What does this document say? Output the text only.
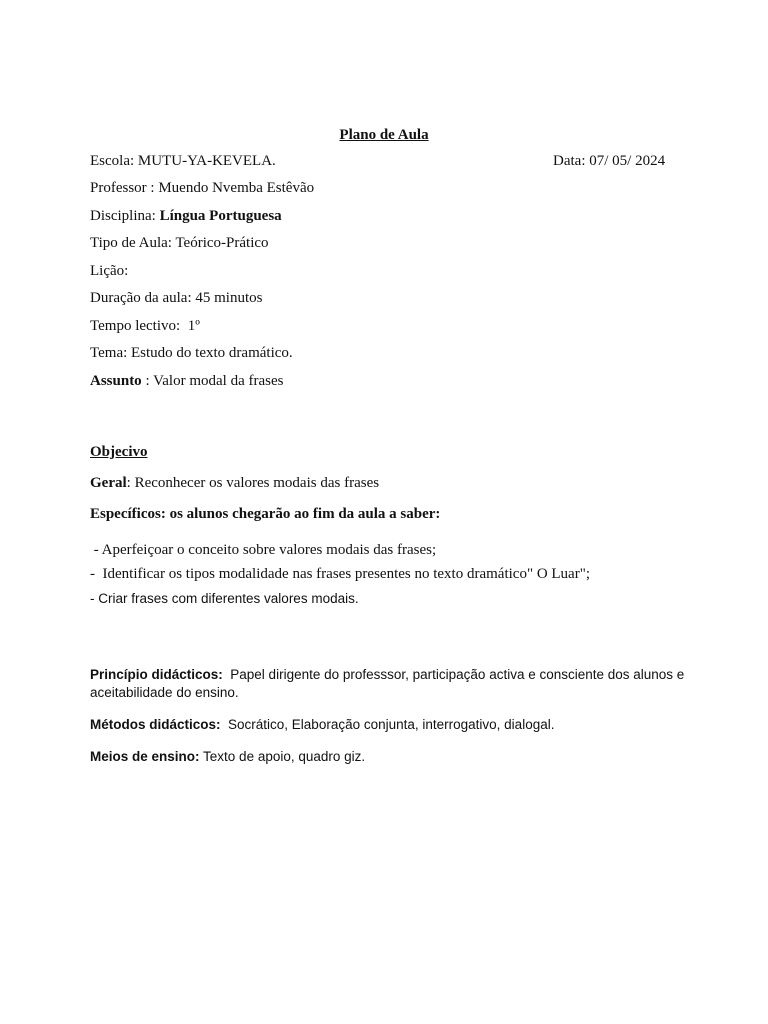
Plano de Aula
Escola: MUTU-YA-KEVELA.	Data: 07/ 05/ 2024
Professor : Muendo Nvemba Estêvão
Disciplina: Língua Portuguesa
Tipo de Aula: Teórico-Prático
Lição:
Duração da aula: 45 minutos
Tempo lectivo:  1º
Tema: Estudo do texto dramático.
Assunto : Valor modal da frases
Objecivo
Geral: Reconhecer os valores modais das frases
Específicos: os alunos chegarão ao fim da aula a saber:
- Aperfeiçoar o conceito sobre valores modais das frases;
-  Identificar os tipos modalidade nas frases presentes no texto dramático" O Luar";
- Criar frases com diferentes valores modais.
Princípio didácticos:  Papel dirigente do professsor, participação activa e consciente dos alunos e aceitabilidade do ensino.
Métodos didácticos:  Socrático, Elaboração conjunta, interrogativo, dialogal.
Meios de ensino: Texto de apoio, quadro giz.
